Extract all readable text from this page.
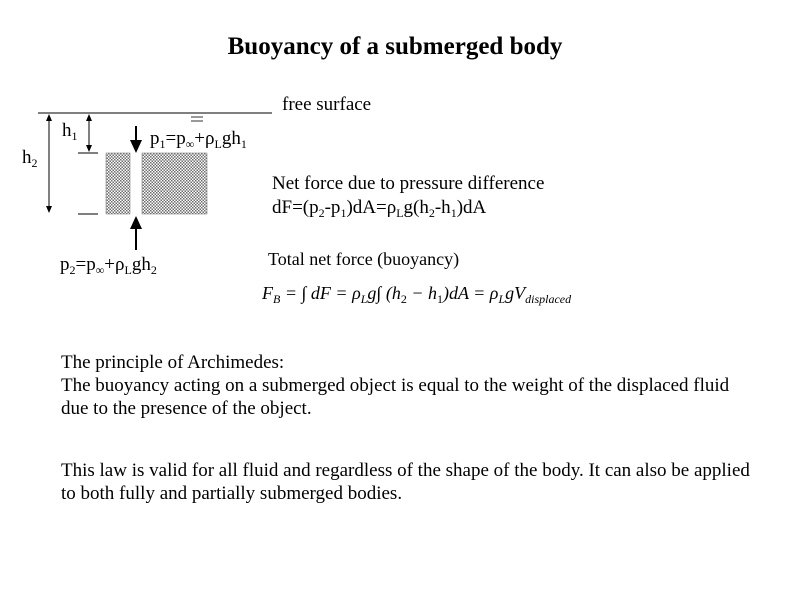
Buoyancy of a submerged body
free surface
$h_1$
$h_2$
$p_1=p_\infty+\rho_Lgh_1$
$p_2=p_\infty+\rho_Lgh_2$
Net force due to pressure difference
$dF=(p_2-p_1)dA=\rho_Lg(h_2-h_1)dA$
Total net force (buoyancy)
$F_B$ = ∫ dF = $\rho_Lg\int$ $(h_2 - h_1)dA = \rho_LgV_{displaced}$

The principle of Archimedes:

The buoyancy acting on a submerged object is equal to the weight of the displaced fluid due to the presence of the object.

This law is valid for all fluid and regardless of the shape of the body. It can also be applied to both fully and partially submerged bodies.
